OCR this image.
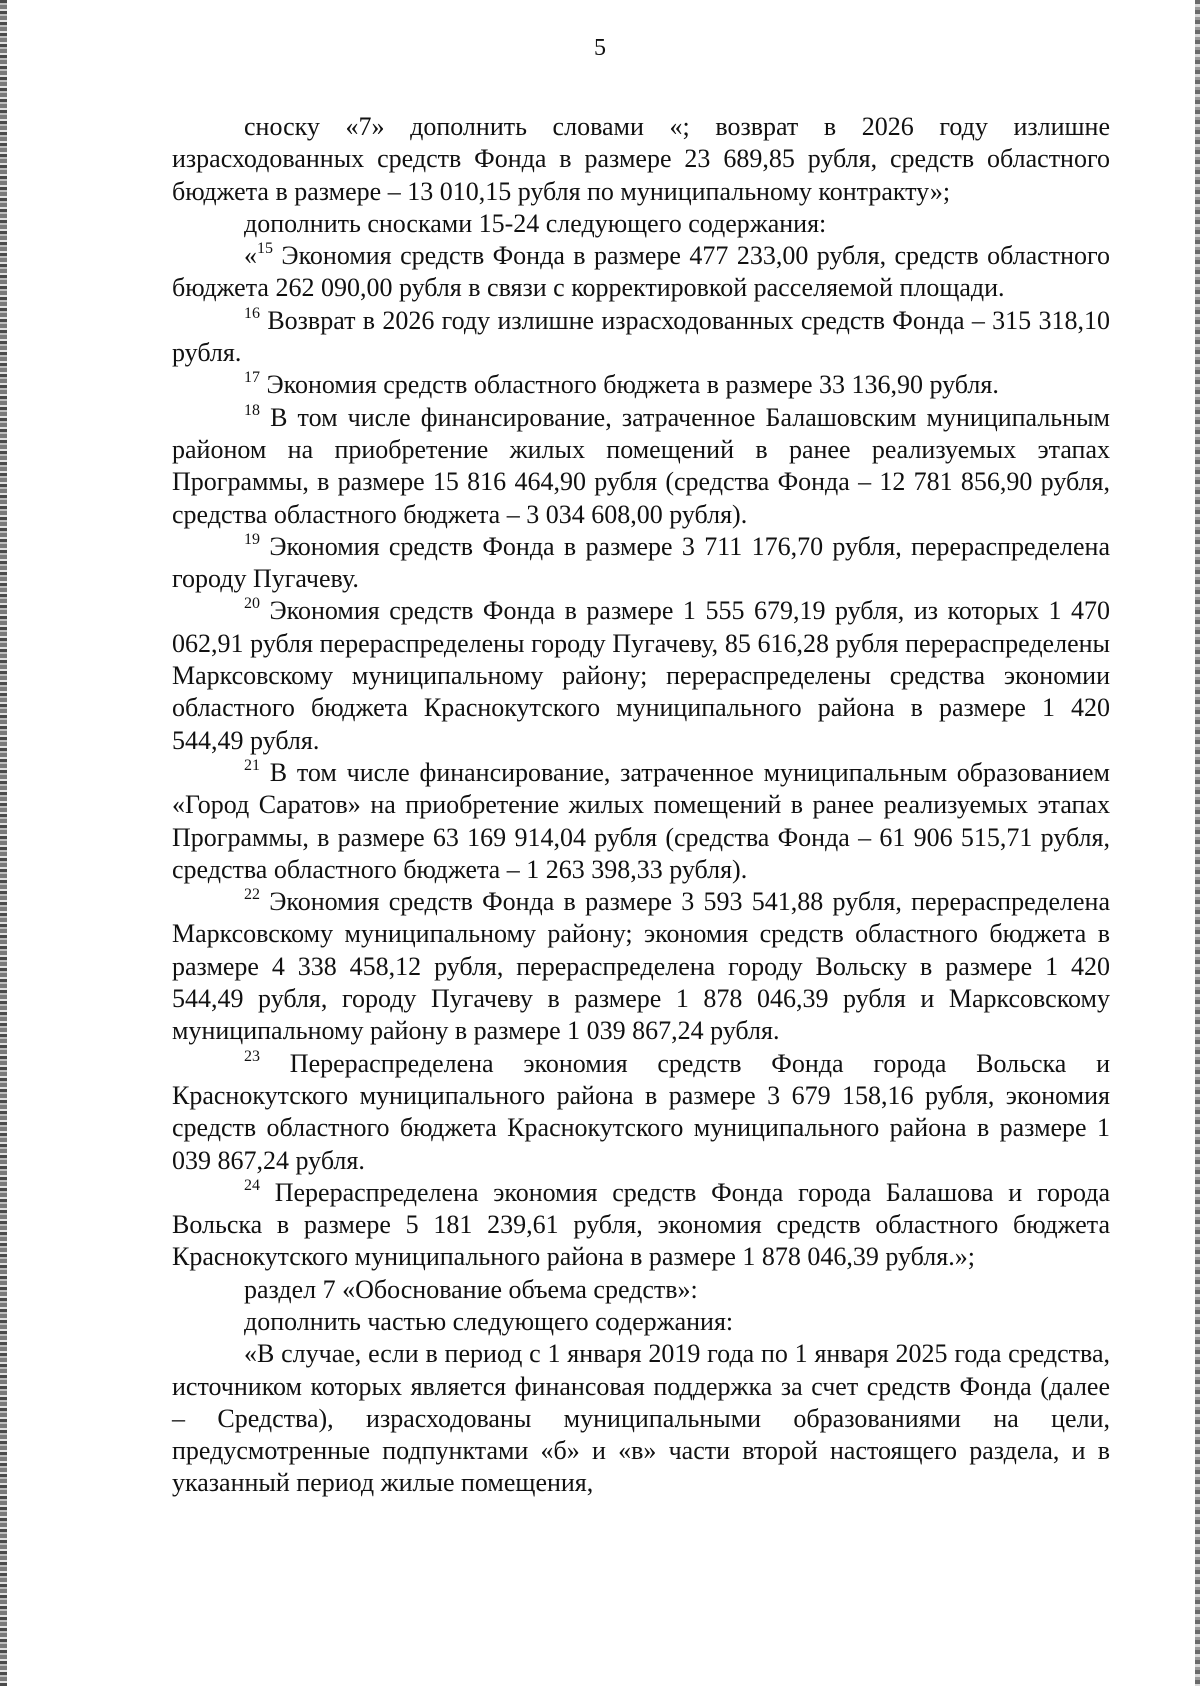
5

сноску «7» дополнить словами «; возврат в 2026 году излишне израсходованных средств Фонда в размере 23 689,85 рубля, средств областного бюджета в размере – 13 010,15 рубля по муниципальному контракту»;

дополнить сносками 15-24 следующего содержания:

«$^{15}$ Экономия средств Фонда в размере 477 233,00 рубля, средств областного бюджета 262 090,00 рубля в связи с корректировкой расселяемой площади.

$^{16}$ Возврат в 2026 году излишне израсходованных средств Фонда – 315 318,10 рубля.

$^{17}$ Экономия средств областного бюджета в размере 33 136,90 рубля.

$^{18}$ В том числе финансирование, затраченное Балашовским муниципальным районом на приобретение жилых помещений в ранее реализуемых этапах Программы, в размере 15 816 464,90 рубля (средства Фонда – 12 781 856,90 рубля, средства областного бюджета – 3 034 608,00 рубля).

$^{19}$ Экономия средств Фонда в размере 3 711 176,70 рубля, перераспределена городу Пугачеву.

$^{20}$ Экономия средств Фонда в размере 1 555 679,19 рубля, из которых 1 470 062,91 рубля перераспределены городу Пугачеву, 85 616,28 рубля перераспределены Марксовскому муниципальному району; перераспределены средства экономии областного бюджета Краснокутского муниципального района в размере 1 420 544,49 рубля.

$^{21}$ В том числе финансирование, затраченное муниципальным образованием «Город Саратов» на приобретение жилых помещений в ранее реализуемых этапах Программы, в размере 63 169 914,04 рубля (средства Фонда – 61 906 515,71 рубля, средства областного бюджета – 1 263 398,33 рубля).

$^{22}$ Экономия средств Фонда в размере 3 593 541,88 рубля, перераспределена Марксовскому муниципальному району; экономия средств областного бюджета в размере 4 338 458,12 рубля, перераспределена городу Вольску в размере 1 420 544,49 рубля, городу Пугачеву в размере 1 878 046,39 рубля и Марксовскому муниципальному району в размере 1 039 867,24 рубля.

$^{23}$ Перераспределена экономия средств Фонда города Вольска и Краснокутского муниципального района в размере 3 679 158,16 рубля, экономия средств областного бюджета Краснокутского муниципального района в размере 1 039 867,24 рубля.

$^{24}$ Перераспределена экономия средств Фонда города Балашова и города Вольска в размере 5 181 239,61 рубля, экономия средств областного бюджета Краснокутского муниципального района в размере 1 878 046,39 рубля.»;

раздел 7 «Обоснование объема средств»:

дополнить частью следующего содержания:

«В случае, если в период с 1 января 2019 года по 1 января 2025 года средства, источником которых является финансовая поддержка за счет средств Фонда (далее – Средства), израсходованы муниципальными образованиями на цели, предусмотренные подпунктами «б» и «в» части второй настоящего раздела, и в указанный период жилые помещения,
